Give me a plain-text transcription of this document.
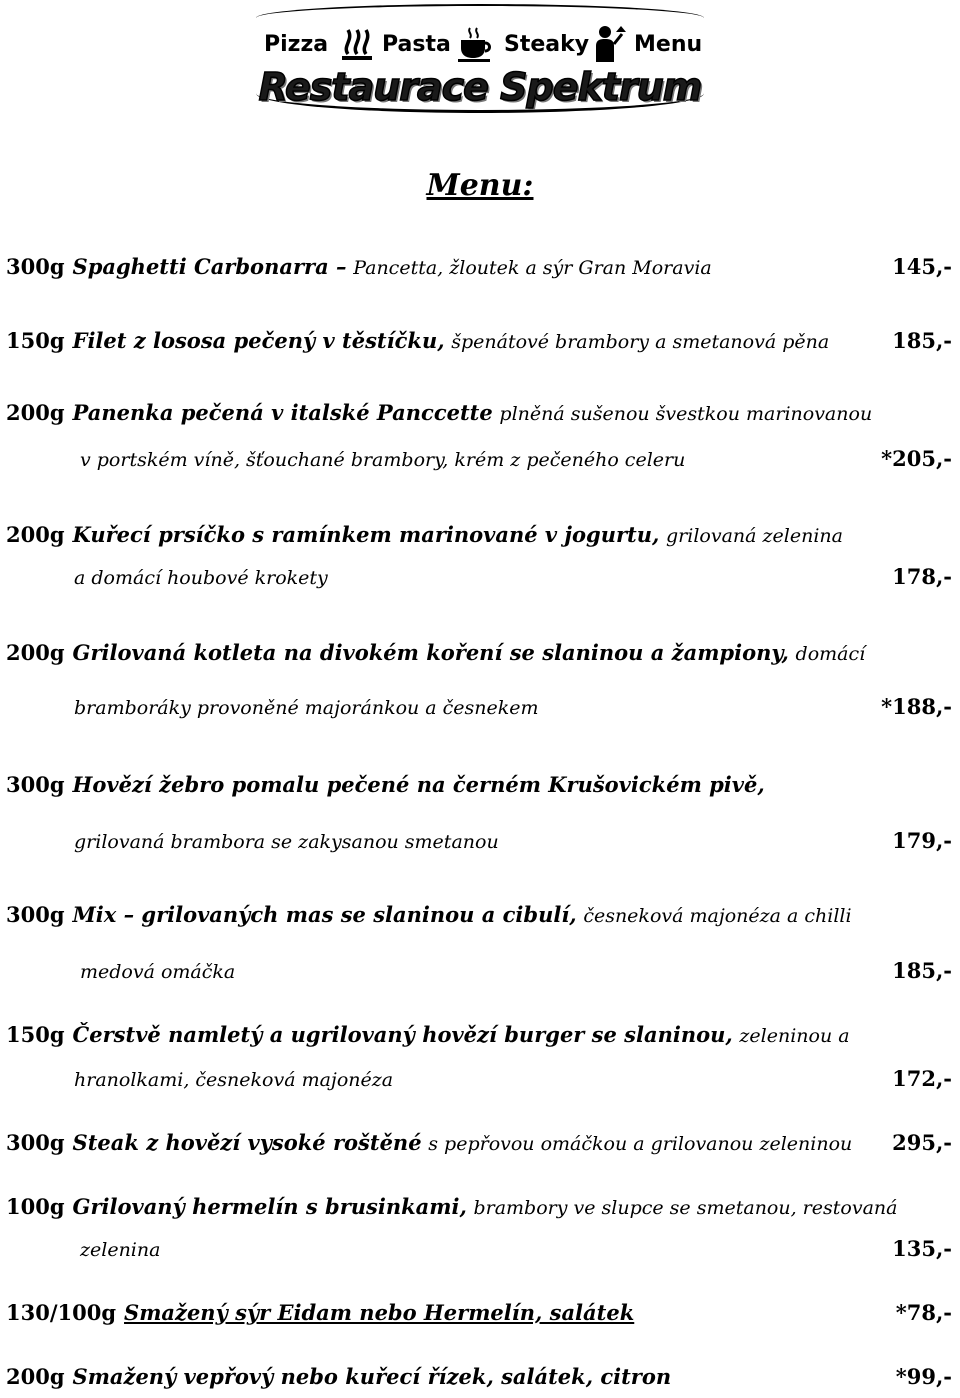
Pizza Pasta Steaky Menu
Restaurace Spektrum
Menu:
300g Spaghetti Carbonarra – Pancetta, žloutek a sýr Gran Moravia	145,-
150g Filet z lososa pečený v těstíčku, špenátové brambory a smetanová pěna	185,-
200g Panenka pečená v italské Panccette plněná sušenou švestkou marinovanou
v portském víně, šťouchané brambory, krém z pečeného celeru	*205,-
200g Kuřecí prsíčko s ramínkem marinované v jogurtu, grilovaná zelenina
a domácí houbové krokety	178,-
200g Grilovaná kotleta na divokém koření se slaninou a žampiony, domácí
bramboráky provoněné majoránkou a česnekem	*188,-
300g Hovězí žebro pomalu pečené na černém Krušovickém pivě,
grilovaná brambora se zakysanou smetanou	179,-
300g Mix – grilovaných mas se slaninou a cibulí, česneková majonéza a chilli
medová omáčka	185,-
150g Čerstvě namletý a ugrilovaný hovězí burger se slaninou, zeleninou a
hranolkami, česneková majonéza	172,-
300g Steak z hovězí vysoké roštěné s pepřovou omáčkou a grilovanou zeleninou 295,-
100g Grilovaný hermelín s brusinkami, brambory ve slupce se smetanou, restovaná
zelenina	135,-
130/100g Smažený sýr Eidam nebo Hermelín, salátek	*78,-
200g Smažený vepřový nebo kuřecí řízek, salátek, citron	*99,-
